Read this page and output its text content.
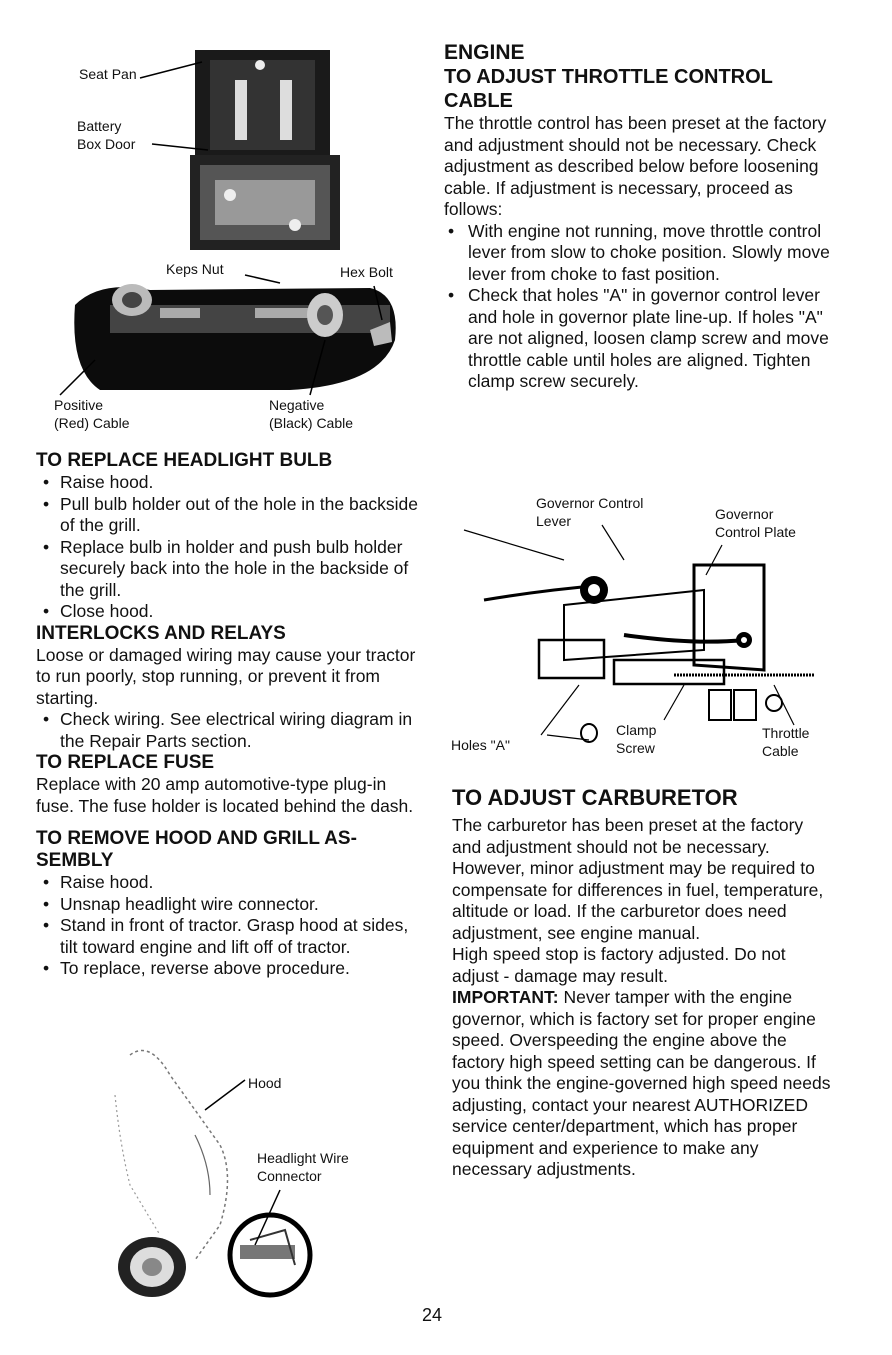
Seat Pan
Battery
Box Door
Keps Nut	Hex Bolt
Positive
(Red) Cable
Negative
(Black) Cable
TO REPLACE HEADLIGHT BULB
• Raise hood.
• Pull bulb holder out of the hole in the backside of the grill.
• Replace bulb in holder and push bulb holder securely back into the hole in the backside of the grill.
• Close hood.
INTERLOCKS AND RELAYS

Loose or damaged wiring may cause your tractor to run poorly, stop running, or prevent it from starting.

• Check wiring. See electrical wiring diagram in the Repair Parts section.
TO REPLACE FUSE

Replace with 20 amp automotive-type plug-in fuse. The fuse holder is located behind the dash.

TO REMOVE HOOD AND GRILL AS-
SEMBLY
• Raise hood.
• Unsnap headlight wire connector.
• Stand in front of tractor. Grasp hood at sides, tilt toward engine and lift off of tractor.
• To replace, reverse above procedure.
Hood
Headlight Wire
Connector
ENGINE
TO ADJUST THROTTLE CONTROL
CABLE

The throttle control has been preset at the factory and adjustment should not be necessary. Check adjustment as described below before loosening cable. If adjustment is necessary, proceed as follows:

• With engine not running, move throttle control lever from slow to choke position. Slowly move lever from choke to fast position.
• Check that holes "A" in governor control lever and hole in governor plate line-up. If holes "A" are not aligned, loosen clamp screw and move throttle cable until holes are aligned. Tighten clamp screw securely.
Governor Control
Lever	Governor
Control Plate
Holes "A"
Clamp
Screw
Throttle
Cable
TO ADJUST CARBURETOR

The carburetor has been preset at the factory and adjustment should not be necessary. However, minor adjustment may be required to compensate for differences in fuel, temperature, altitude or load. If the carburetor does need adjustment, see engine manual.

High speed stop is factory adjusted. Do not adjust - damage may result.

IMPORTANT: Never tamper with the engine governor, which is factory set for proper engine speed. Overspeeding the engine above the factory high speed setting can be dangerous. If you think the engine-governed high speed needs adjusting, contact your nearest AUTHORIZED service center/department, which has proper equipment and experience to make any necessary adjustments.

24
